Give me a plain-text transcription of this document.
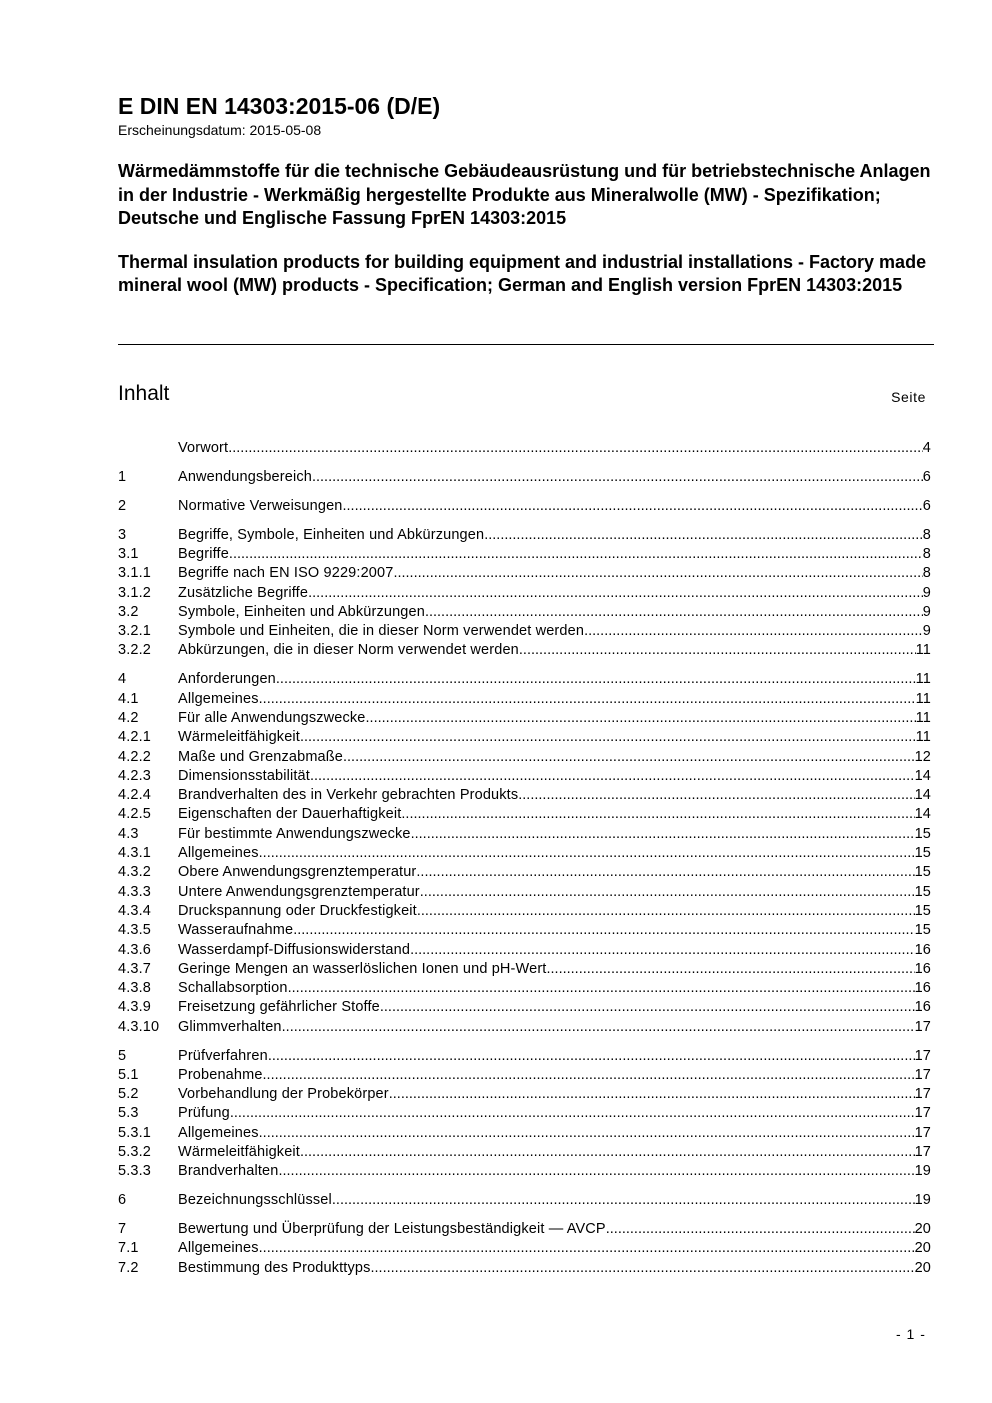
E DIN EN 14303:2015-06 (D/E)

Erscheinungsdatum: 2015-05-08

Wärmedämmstoffe für die technische Gebäudeausrüstung und für betriebstechnische Anlagen in der Industrie - Werkmäßig hergestellte Produkte aus Mineralwolle (MW) - Spezifikation; Deutsche und Englische Fassung FprEN 14303:2015

Thermal insulation products for building equipment and industrial installations - Factory made mineral wool (MW) products - Specification; German and English version FprEN 14303:2015

Inhalt	Seite
Vorwort .....	4
1	Anwendungsbereich .....	6
2	Normative Verweisungen .....	6
3	Begriffe, Symbole, Einheiten und Abkürzungen .....	8
3.1	Begriffe .....	8
3.1.1	Begriffe nach EN ISO 9229:2007 .....	8
3.1.2	Zusätzliche Begriffe .....	9
3.2	Symbole, Einheiten und Abkürzungen .....	9
3.2.1	Symbole und Einheiten, die in dieser Norm verwendet werden .....	9
3.2.2	Abkürzungen, die in dieser Norm verwendet werden .....	11
4	Anforderungen .....	11
4.1	Allgemeines .....	11
4.2	Für alle Anwendungszwecke .....	11
4.2.1	Wärmeleitfähigkeit .....	11
4.2.2	Maße und Grenzabmaße .....	12
4.2.3	Dimensionsstabilität .....	14
4.2.4	Brandverhalten des in Verkehr gebrachten Produkts .....	14
4.2.5	Eigenschaften der Dauerhaftigkeit .....	14
4.3	Für bestimmte Anwendungszwecke .....	15
4.3.1	Allgemeines .....	15
4.3.2	Obere Anwendungsgrenztemperatur .....	15
4.3.3	Untere Anwendungsgrenztemperatur .....	15
4.3.4	Druckspannung oder Druckfestigkeit .....	15
4.3.5	Wasseraufnahme .....	15
4.3.6	Wasserdampf-Diffusionswiderstand .....	16
4.3.7	Geringe Mengen an wasserlöslichen Ionen und pH-Wert .....	16
4.3.8	Schallabsorption .....	16
4.3.9	Freisetzung gefährlicher Stoffe .....	16
4.3.10	Glimmverhalten .....	17
5	Prüfverfahren .....	17
5.1	Probenahme .....	17
5.2	Vorbehandlung der Probekörper .....	17
5.3	Prüfung .....	17
5.3.1	Allgemeines .....	17
5.3.2	Wärmeleitfähigkeit .....	17
5.3.3	Brandverhalten .....	19
6	Bezeichnungsschlüssel .....	19
7	Bewertung und Überprüfung der Leistungsbeständigkeit — AVCP .....	20
7.1	Allgemeines .....	20
7.2	Bestimmung des Produkttyps .....	20
- 1 -
